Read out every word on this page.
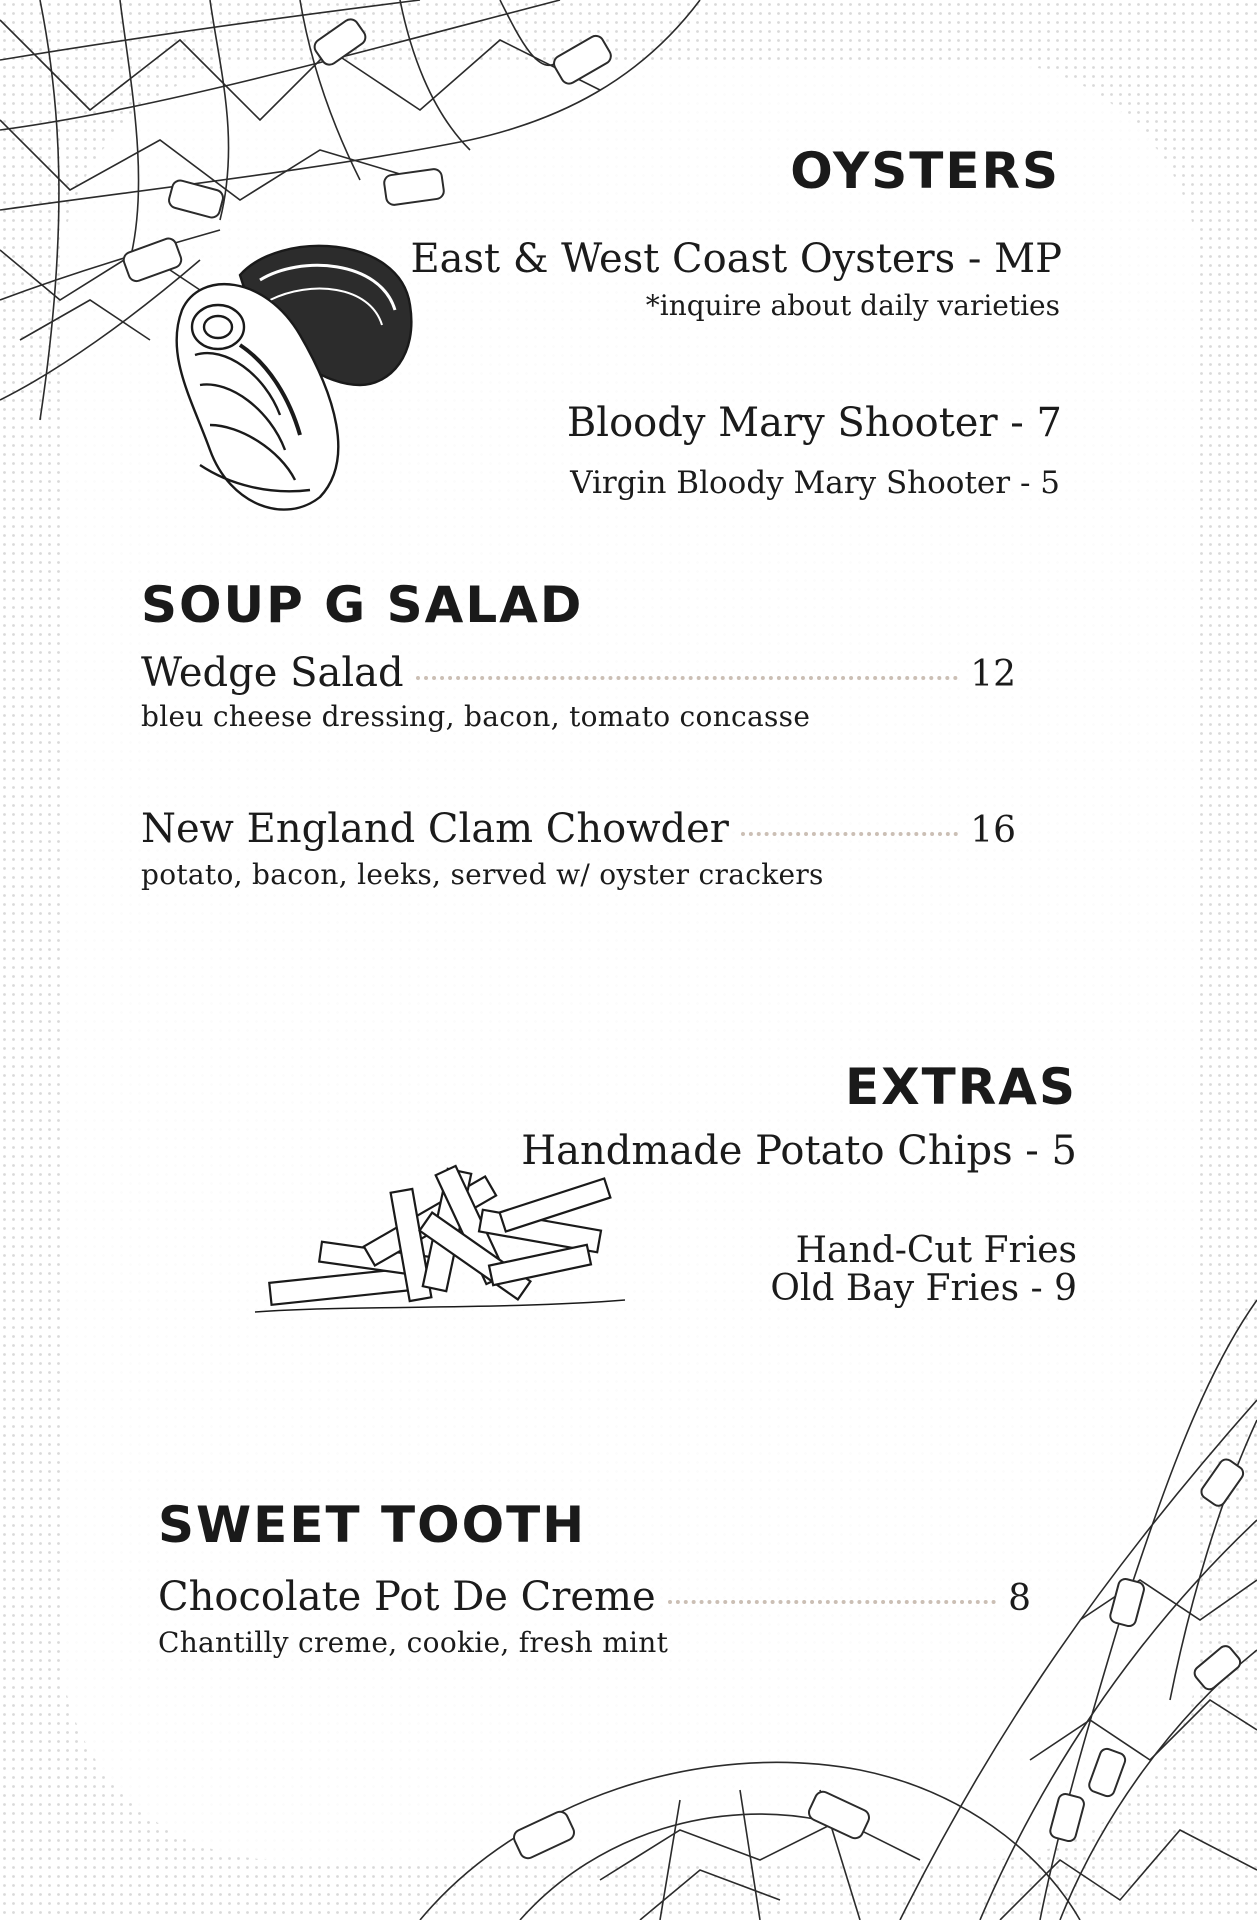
OYSTERS

East & West Coast Oysters - MP

*inquire about daily varieties

Bloody Mary Shooter - 7

Virgin Bloody Mary Shooter - 5

SOUP G SALAD
Wedge Salad	12

bleu cheese dressing, bacon, tomato concasse

New England Clam Chowder	16

potato, bacon, leeks, served w/ oyster crackers

EXTRAS

Handmade Potato Chips - 5

Hand-Cut Fries

Old Bay Fries - 9

SWEET TOOTH
Chocolate Pot De Creme	8

Chantilly creme, cookie, fresh mint
